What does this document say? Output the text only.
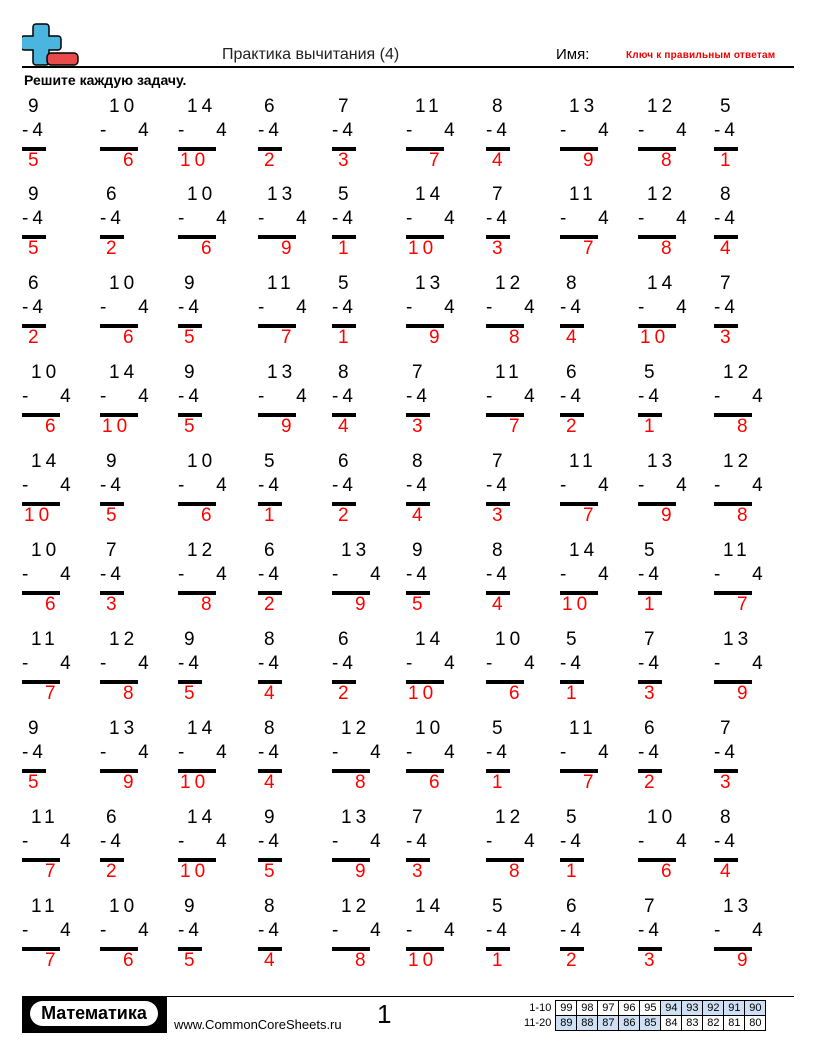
Практика вычитания (4)	Имя:	Ключ к правильным ответам
Решите каждую задачу.
9
-4
5
10
-   4
6
14
-   4
10
6
-4
2
7
-4
3
11
-   4
7
8
-4
4
13
-   4
9
12
-   4
8
5
-4
1
9
-4
5
6
-4
2
10
-   4
6
13
-   4
9
5
-4
1
14
-   4
10
7
-4
3
11
-   4
7
12
-   4
8
8
-4
4
6
-4
2
10
-   4
6
9
-4
5
11
-   4
7
5
-4
1
13
-   4
9
12
-   4
8
8
-4
4
14
-   4
10
7
-4
3
10
-   4
6
14
-   4
10
9
-4
5
13
-   4
9
8
-4
4
7
-4
3
11
-   4
7
6
-4
2
5
-4
1
12
-   4
8
14
-   4
10
9
-4
5
10
-   4
6
5
-4
1
6
-4
2
8
-4
4
7
-4
3
11
-   4
7
13
-   4
9
12
-   4
8
10
-   4
6
7
-4
3
12
-   4
8
6
-4
2
13
-   4
9
9
-4
5
8
-4
4
14
-   4
10
5
-4
1
11
-   4
7
11
-   4
7
12
-   4
8
9
-4
5
8
-4
4
6
-4
2
14
-   4
10
10
-   4
6
5
-4
1
7
-4
3
13
-   4
9
9
-4
5
13
-   4
9
14
-   4
10
8
-4
4
12
-   4
8
10
-   4
6
5
-4
1
11
-   4
7
6
-4
2
7
-4
3
11
-   4
7
6
-4
2
14
-   4
10
9
-4
5
13
-   4
9
7
-4
3
12
-   4
8
5
-4
1
10
-   4
6
8
-4
4
11
-   4
7
10
-   4
6
9
-4
5
8
-4
4
12
-   4
8
14
-   4
10
5
-4
1
6
-4
2
7
-4
3
13
-   4
9
Математика
www.CommonCoreSheets.ru 1	1-10	99	98	97	96	95	94	93	92	91	90
11-20	89	88	87	86	85	84	83	82	81	80
